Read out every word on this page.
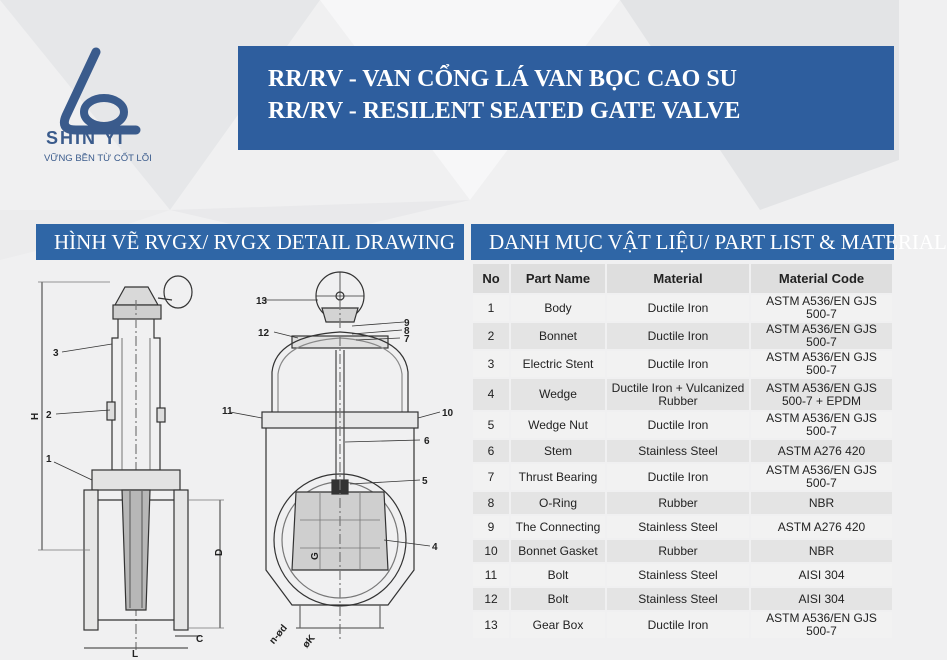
SHIN YI
VỮNG BỀN TỪ CỐT LÕI
RR/RV - VAN CỔNG LÁ VAN BỌC CAO SU
RR/RV - RESILENT SEATED GATE VALVE
HÌNH VẼ RVGX/ RVGX DETAIL DRAWING	DANH MỤC VẬT LIỆU/ PART LIST & MATERIAL
3
2
1
H
D
C
L
13
12
11
9
8
7
10
6
5
4
n-ød øK
G
No	Part Name	Material	Material Code
1	Body	Ductile Iron	ASTM A536/EN GJS 500-7
2	Bonnet	Ductile Iron	ASTM A536/EN GJS 500-7
3	Electric Stent	Ductile Iron	ASTM A536/EN GJS 500-7
4	Wedge	Ductile Iron + Vulcanized Rubber	ASTM A536/EN GJS 500-7 + EPDM
5	Wedge Nut	Ductile Iron	ASTM A536/EN GJS 500-7
6	Stem	Stainless Steel	ASTM A276 420
7	Thrust Bearing	Ductile Iron	ASTM A536/EN GJS 500-7
8	O-Ring	Rubber	NBR
9	The Connecting	Stainless Steel	ASTM A276 420
10	Bonnet Gasket	Rubber	NBR
11	Bolt	Stainless Steel	AISI 304
12	Bolt	Stainless Steel	AISI 304
13	Gear Box	Ductile Iron	ASTM A536/EN GJS 500-7
